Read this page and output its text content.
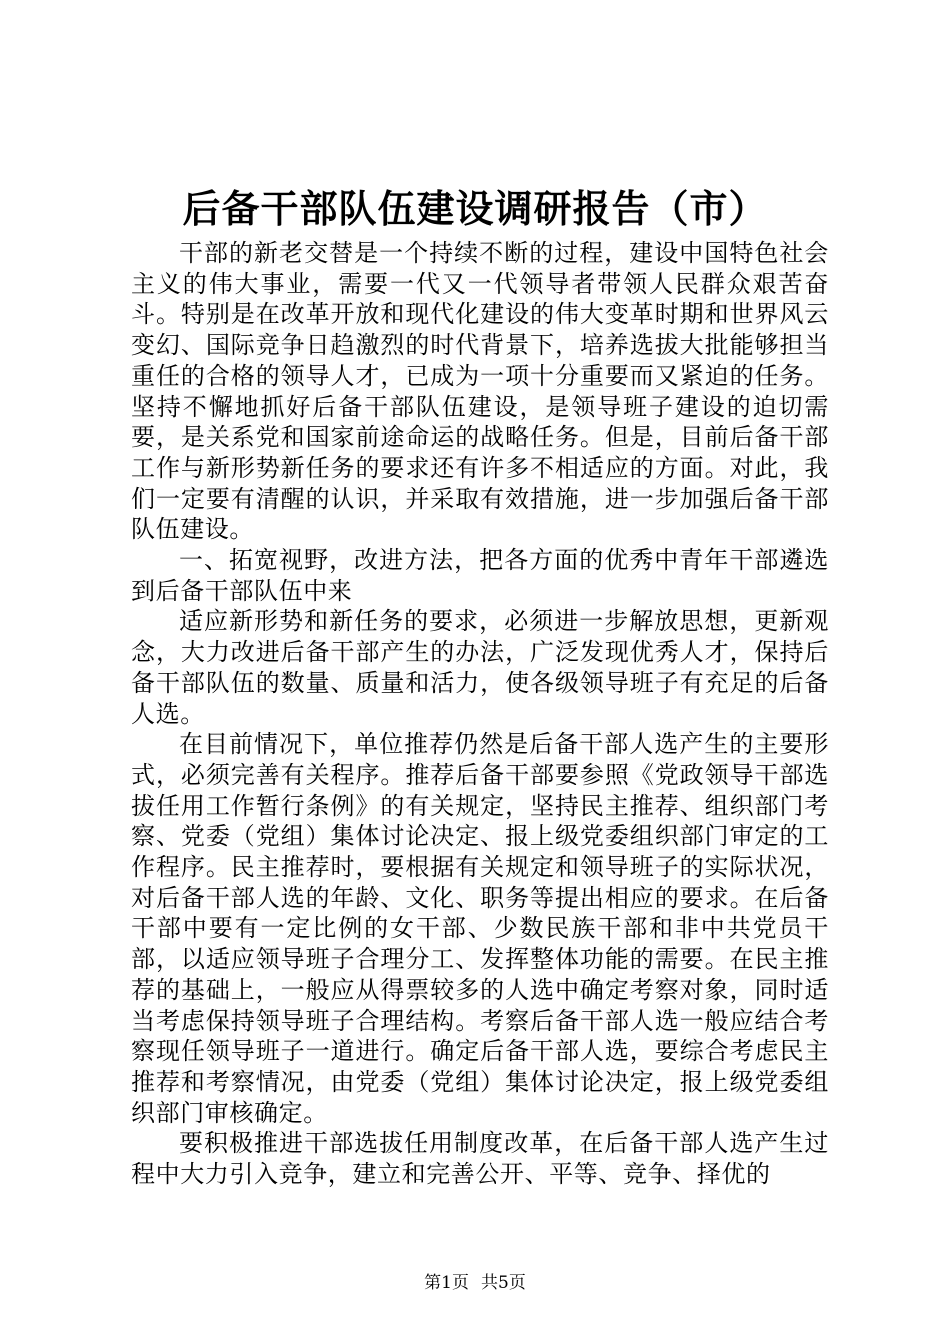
后备干部队伍建设调研报告（市）

干部的新老交替是一个持续不断的过程，建设中国特色社会主义的伟大事业，需要一代又一代领导者带领人民群众艰苦奋斗。特别是在改革开放和现代化建设的伟大变革时期和世界风云变幻、国际竞争日趋激烈的时代背景下，培养选拔大批能够担当重任的合格的领导人才，已成为一项十分重要而又紧迫的任务。坚持不懈地抓好后备干部队伍建设，是领导班子建设的迫切需要，是关系党和国家前途命运的战略任务。但是，目前后备干部工作与新形势新任务的要求还有许多不相适应的方面。对此，我们一定要有清醒的认识，并采取有效措施，进一步加强后备干部队伍建设。

一、拓宽视野，改进方法，把各方面的优秀中青年干部遴选到后备干部队伍中来

适应新形势和新任务的要求，必须进一步解放思想，更新观念，大力改进后备干部产生的办法，广泛发现优秀人才，保持后备干部队伍的数量、质量和活力，使各级领导班子有充足的后备人选。

在目前情况下，单位推荐仍然是后备干部人选产生的主要形式，必须完善有关程序。推荐后备干部要参照《党政领导干部选拔任用工作暂行条例》的有关规定，坚持民主推荐、组织部门考察、党委（党组）集体讨论决定、报上级党委组织部门审定的工作程序。民主推荐时，要根据有关规定和领导班子的实际状况，对后备干部人选的年龄、文化、职务等提出相应的要求。在后备干部中要有一定比例的女干部、少数民族干部和非中共党员干部，以适应领导班子合理分工、发挥整体功能的需要。在民主推荐的基础上，一般应从得票较多的人选中确定考察对象，同时适当考虑保持领导班子合理结构。考察后备干部人选一般应结合考察现任领导班子一道进行。确定后备干部人选，要综合考虑民主推荐和考察情况，由党委（党组）集体讨论决定，报上级党委组织部门审核确定。

要积极推进干部选拔任用制度改革，在后备干部人选产生过程中大力引入竞争，建立和完善公开、平等、竞争、择优的

第1页 共5页
